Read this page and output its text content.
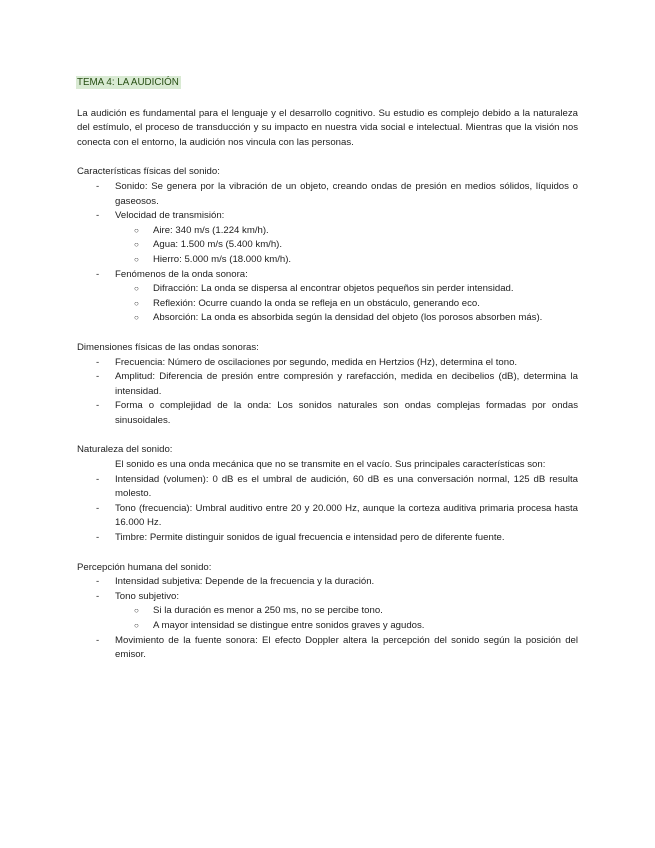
TEMA 4: LA AUDICIÓN

La audición es fundamental para el lenguaje y el desarrollo cognitivo. Su estudio es complejo debido a la naturaleza del estímulo, el proceso de transducción y su impacto en nuestra vida social e intelectual. Mientras que la visión nos conecta con el entorno, la audición nos vincula con las personas.

Características físicas del sonido:

- Sonido: Se genera por la vibración de un objeto, creando ondas de presión en medios sólidos, líquidos o gaseosos.
- Velocidad de transmisión:
○ Aire: 340 m/s (1.224 km/h).
○ Agua: 1.500 m/s (5.400 km/h).
○ Hierro: 5.000 m/s (18.000 km/h).
- Fenómenos de la onda sonora:
○ Difracción: La onda se dispersa al encontrar objetos pequeños sin perder intensidad.
○ Reflexión: Ocurre cuando la onda se refleja en un obstáculo, generando eco.
○ Absorción: La onda es absorbida según la densidad del objeto (los porosos absorben más).

Dimensiones físicas de las ondas sonoras:

- Frecuencia: Número de oscilaciones por segundo, medida en Hertzios (Hz), determina el tono.
- Amplitud: Diferencia de presión entre compresión y rarefacción, medida en decibelios (dB), determina la intensidad.
- Forma o complejidad de la onda: Los sonidos naturales son ondas complejas formadas por ondas sinusoidales.

Naturaleza del sonido:

El sonido es una onda mecánica que no se transmite en el vacío. Sus principales características son:

- Intensidad (volumen): 0 dB es el umbral de audición, 60 dB es una conversación normal, 125 dB resulta molesto.
- Tono (frecuencia): Umbral auditivo entre 20 y 20.000 Hz, aunque la corteza auditiva primaria procesa hasta 16.000 Hz.
- Timbre: Permite distinguir sonidos de igual frecuencia e intensidad pero de diferente fuente.

Percepción humana del sonido:

- Intensidad subjetiva: Depende de la frecuencia y la duración.
- Tono subjetivo:
○ Si la duración es menor a 250 ms, no se percibe tono.
○ A mayor intensidad se distingue entre sonidos graves y agudos.
- Movimiento de la fuente sonora: El efecto Doppler altera la percepción del sonido según la posición del emisor.
